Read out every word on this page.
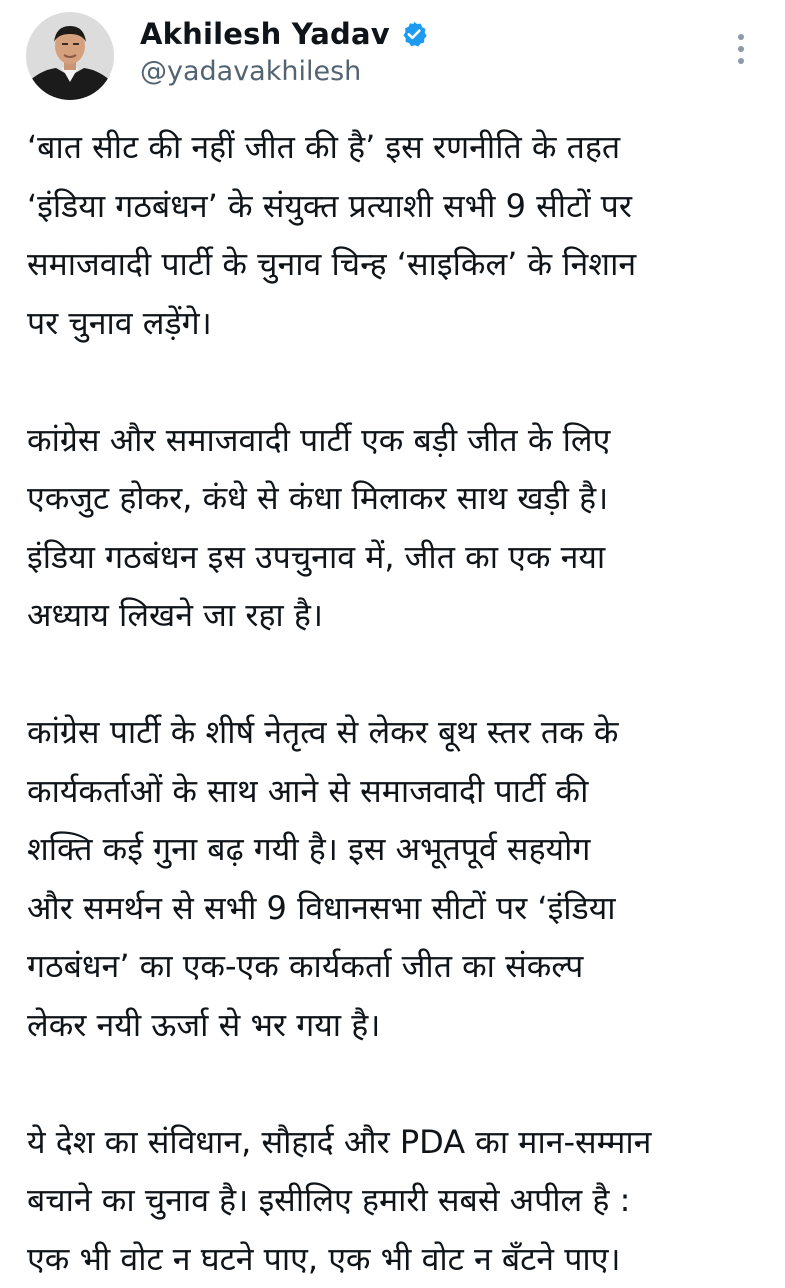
Akhilesh Yadav
@yadavakhilesh

‘बात सीट की नहीं जीत की है’ इस रणनीति के तहत

‘इंडिया गठबंधन’ के संयुक्त प्रत्याशी सभी 9 सीटों पर

समाजवादी पार्टी के चुनाव चिन्ह ‘साइकिल’ के निशान

पर चुनाव लड़ेंगे।

कांग्रेस और समाजवादी पार्टी एक बड़ी जीत के लिए

एकजुट होकर, कंधे से कंधा मिलाकर साथ खड़ी है।

इंडिया गठबंधन इस उपचुनाव में, जीत का एक नया

अध्याय लिखने जा रहा है।

कांग्रेस पार्टी के शीर्ष नेतृत्व से लेकर बूथ स्तर तक के

कार्यकर्ताओं के साथ आने से समाजवादी पार्टी की

शक्ति कई गुना बढ़ गयी है। इस अभूतपूर्व सहयोग

और समर्थन से सभी 9 विधानसभा सीटों पर ‘इंडिया

गठबंधन’ का एक-एक कार्यकर्ता जीत का संकल्प

लेकर नयी ऊर्जा से भर गया है।

ये देश का संविधान, सौहार्द और PDA का मान-सम्मान

बचाने का चुनाव है। इसीलिए हमारी सबसे अपील है :

एक भी वोट न घटने पाए, एक भी वोट न बँटने पाए।
